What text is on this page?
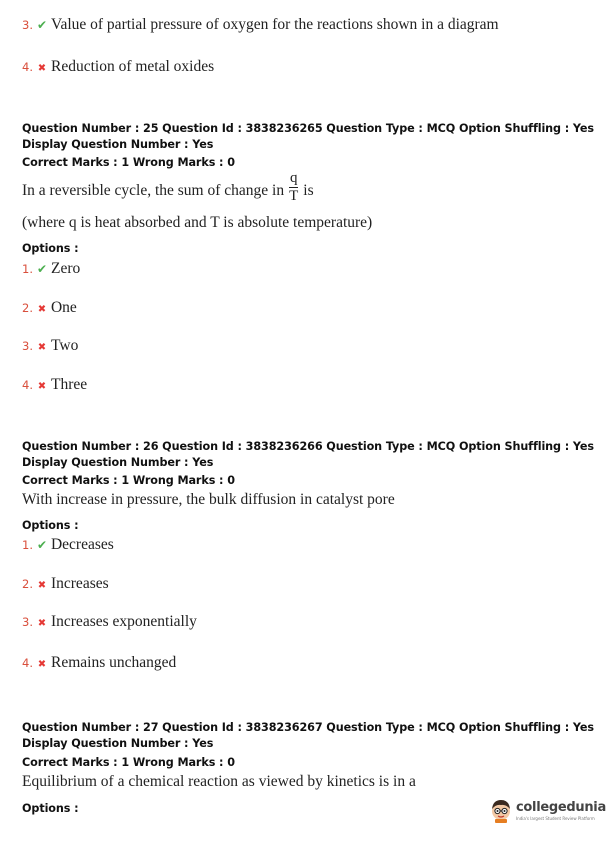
3. ✔ Value of partial pressure of oxygen for the reactions shown in a diagram
4. ✖ Reduction of metal oxides
Question Number : 25 Question Id : 3838236265 Question Type : MCQ Option Shuffling : Yes
Display Question Number : Yes
Correct Marks : 1 Wrong Marks : 0
In a reversible cycle, the sum of change in $\frac{q}{T}$ is
(where q is heat absorbed and T is absolute temperature)
Options :
1. ✔ Zero
2. ✖ One
3. ✖ Two
4. ✖ Three
Question Number : 26 Question Id : 3838236266 Question Type : MCQ Option Shuffling : Yes
Display Question Number : Yes
Correct Marks : 1 Wrong Marks : 0
With increase in pressure, the bulk diffusion in catalyst pore
Options :
1. ✔ Decreases
2. ✖ Increases
3. ✖ Increases exponentially
4. ✖ Remains unchanged
Question Number : 27 Question Id : 3838236267 Question Type : MCQ Option Shuffling : Yes
Display Question Number : Yes
Correct Marks : 1 Wrong Marks : 0
Equilibrium of a chemical reaction as viewed by kinetics is in a
Options :	collegedunia
India's largest Student Review Platform
